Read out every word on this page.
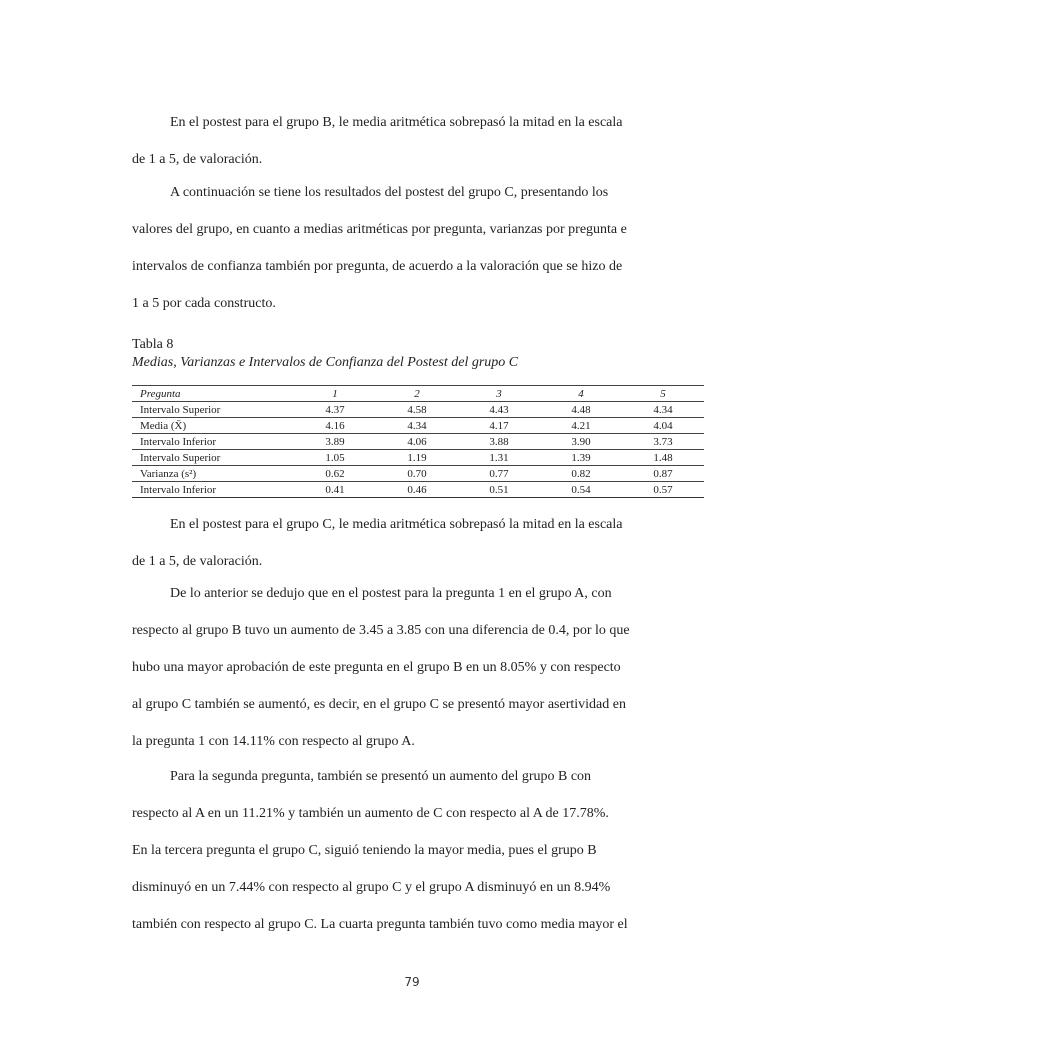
En el postest para el grupo B, le media aritmética sobrepasó la mitad en la escala
de 1 a 5, de valoración.
A continuación se tiene los resultados del postest del grupo C, presentando los
valores del grupo, en cuanto a medias aritméticas por pregunta, varianzas por pregunta e
intervalos de confianza también por pregunta, de acuerdo a la valoración que se hizo de
1 a 5 por cada constructo.
Tabla 8
Medias, Varianzas e Intervalos de Confianza del Postest del grupo C
Pregunta	1	2	3	4	5
Intervalo Superior	4.37	4.58	4.43	4.48	4.34
Media (X̄)	4.16	4.34	4.17	4.21	4.04
Intervalo Inferior	3.89	4.06	3.88	3.90	3.73
Intervalo Superior	1.05	1.19	1.31	1.39	1.48
Varianza (s²)	0.62	0.70	0.77	0.82	0.87
Intervalo Inferior	0.41	0.46	0.51	0.54	0.57
En el postest para el grupo C, le media aritmética sobrepasó la mitad en la escala
de 1 a 5, de valoración.
De lo anterior se dedujo que en el postest para la pregunta 1 en el grupo A, con
respecto al grupo B tuvo un aumento de 3.45 a 3.85 con una diferencia de 0.4, por lo que
hubo una mayor aprobación de este pregunta en el grupo B en un 8.05% y con respecto
al grupo C también se aumentó, es decir, en el grupo C se presentó mayor asertividad en
la pregunta 1 con 14.11% con respecto al grupo A.
Para la segunda pregunta, también se presentó un aumento del grupo B con
respecto al A en un 11.21% y también un aumento de C con respecto al A de 17.78%.
En la tercera pregunta el grupo C, siguió teniendo la mayor media, pues el grupo B
disminuyó en un 7.44% con respecto al grupo C y el grupo A disminuyó en un 8.94%
también con respecto al grupo C. La cuarta pregunta también tuvo como media mayor el
79
